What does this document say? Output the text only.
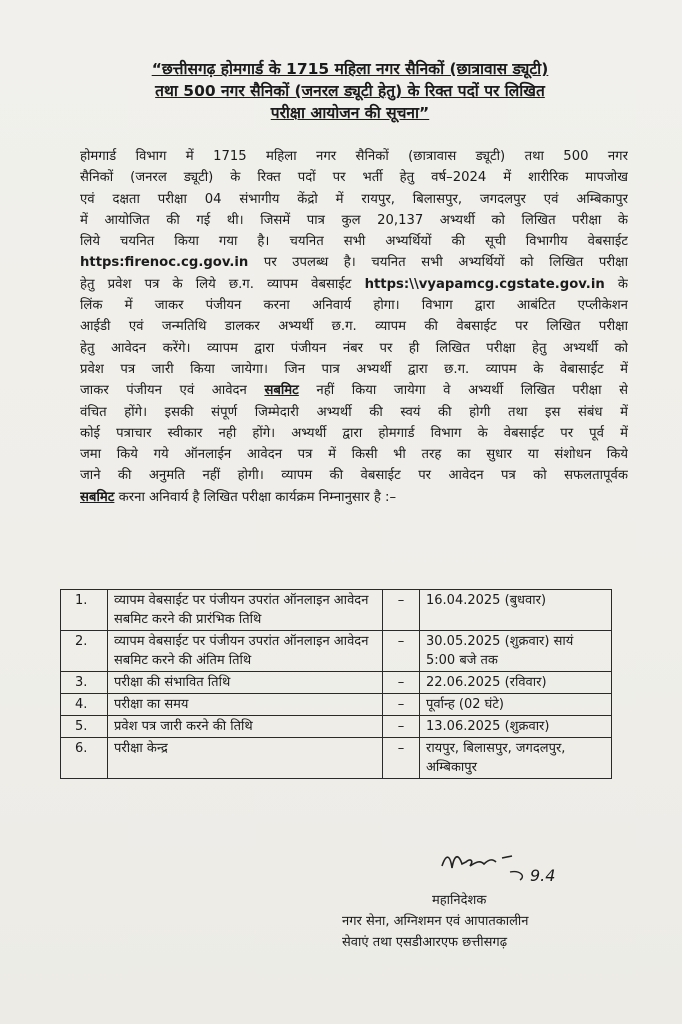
“छत्तीसगढ़ होमगार्ड के 1715 महिला नगर सैनिकों (छात्रावास ड्यूटी)
तथा 500 नगर सैनिकों (जनरल ड्यूटी हेतु) के रिक्त पदों पर लिखित
परीक्षा आयोजन की सूचना”
होमगार्ड विभाग में 1715 महिला नगर सैनिकों (छात्रावास ड्यूटी) तथा 500 नगर
सैनिकों (जनरल ड्यूटी) के रिक्त पदों पर भर्ती हेतु वर्ष–2024 में शारीरिक मापजोख
एवं दक्षता परीक्षा 04 संभागीय केंद्रो में रायपुर, बिलासपुर, जगदलपुर एवं अम्बिकापुर
में आयोजित की गई थी। जिसमें पात्र कुल 20,137 अभ्यर्थी को लिखित परीक्षा के
लिये चयनित किया गया है। चयनित सभी अभ्यर्थियों की सूची विभागीय वेबसाईट
https:firenoc.cg.gov.in पर उपलब्ध है। चयनित सभी अभ्यर्थियों को लिखित परीक्षा
हेतु प्रवेश पत्र के लिये छ.ग. व्यापम वेबसाईट https:\\vyapamcg.cgstate.gov.in के
लिंक में जाकर पंजीयन करना अनिवार्य होगा। विभाग द्वारा आबंटित एप्लीकेशन
आईडी एवं जन्मतिथि डालकर अभ्यर्थी छ.ग. व्यापम की वेबसाईट पर लिखित परीक्षा
हेतु आवेदन करेंगे। व्यापम द्वारा पंजीयन नंबर पर ही लिखित परीक्षा हेतु अभ्यर्थी को
प्रवेश पत्र जारी किया जायेगा। जिन पात्र अभ्यर्थी द्वारा छ.ग. व्यापम के वेबासाईट में
जाकर पंजीयन एवं आवेदन सबमिट नहीं किया जायेगा वे अभ्यर्थी लिखित परीक्षा से
वंचित होंगे। इसकी संपूर्ण जिम्मेदारी अभ्यर्थी की स्वयं की होगी तथा इस संबंध में
कोई पत्राचार स्वीकार नही होंगे। अभ्यर्थी द्वारा होमगार्ड विभाग के वेबसाईट पर पूर्व में
जमा किये गये ऑनलाईन आवेदन पत्र में किसी भी तरह का सुधार या संशोधन किये
जाने की अनुमति नहीं होगी। व्यापम की वेबसाईट पर आवेदन पत्र को सफलतापूर्वक
सबमिट करना अनिवार्य है लिखित परीक्षा कार्यक्रम निम्नानुसार है :–
1.	व्यापम वेबसाईट पर पंजीयन उपरांत ऑनलाइन आवेदन सबमिट करने की प्रारंभिक तिथि	–	16.04.2025 (बुधवार)
2.	व्यापम वेबसाईट पर पंजीयन उपरांत ऑनलाइन आवेदन सबमिट करने की अंतिम तिथि	–	30.05.2025 (शुक्रवार) सायं 5:00 बजे तक
3.	परीक्षा की संभावित तिथि	–	22.06.2025 (रविवार)
4.	परीक्षा का समय	–	पूर्वान्ह (02 घंटे)
5.	प्रवेश पत्र जारी करने की तिथि	–	13.06.2025 (शुक्रवार)
6.	परीक्षा केन्द्र	–	रायपुर, बिलासपुर, जगदलपुर, अम्बिकापुर
9.4
महानिदेशक
नगर सेना, अग्निशमन एवं आपातकालीन
सेवाएं तथा एसडीआरएफ छत्तीसगढ़
